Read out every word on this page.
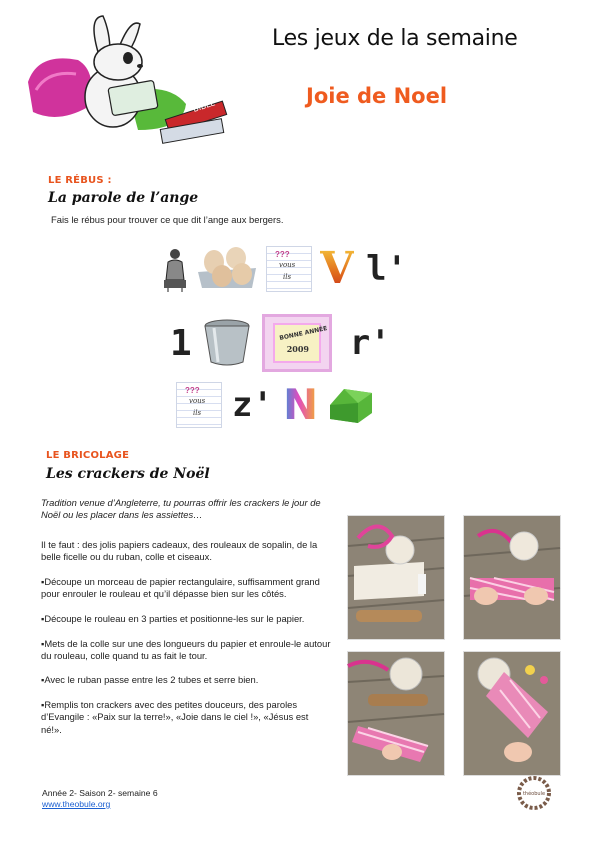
BIBLE
Les jeux de la semaine
Joie de Noel
LE RÉBUS :
La parole de l’ange
Fais le rébus pour trouver ce que dit l’ange aux bergers.
???
vous
ils V l'
1	BONNE ANNÉE
2009 r'
???
vous
ils z' N
LE BRICOLAGE
Les crackers de Noël
Tradition venue d’Angleterre, tu pourras offrir les crackers le jour de Noël ou les placer dans les assiettes…

Il te faut : des jolis papiers cadeaux, des rouleaux de sopalin, de la belle ficelle ou du ruban, colle et ciseaux.

▪Découpe un morceau de papier rectangulaire, suffisamment grand pour enrouler le rouleau et qu’il dépasse bien sur les côtés.

▪Découpe le rouleau en 3 parties et positionne-les sur le papier.

▪Mets de la colle sur une des longueurs du papier et enroule-le autour du rouleau, colle quand tu as fait le tour.

▪Avec le ruban passe entre les 2 tubes et serre bien.

▪Remplis ton crackers avec des petites douceurs, des paroles d’Evangile : «Paix sur la terre!», «Joie dans le ciel !», «Jésus est né!».

Année 2- Saison 2- semaine 6
www.theobule.org
théobule
